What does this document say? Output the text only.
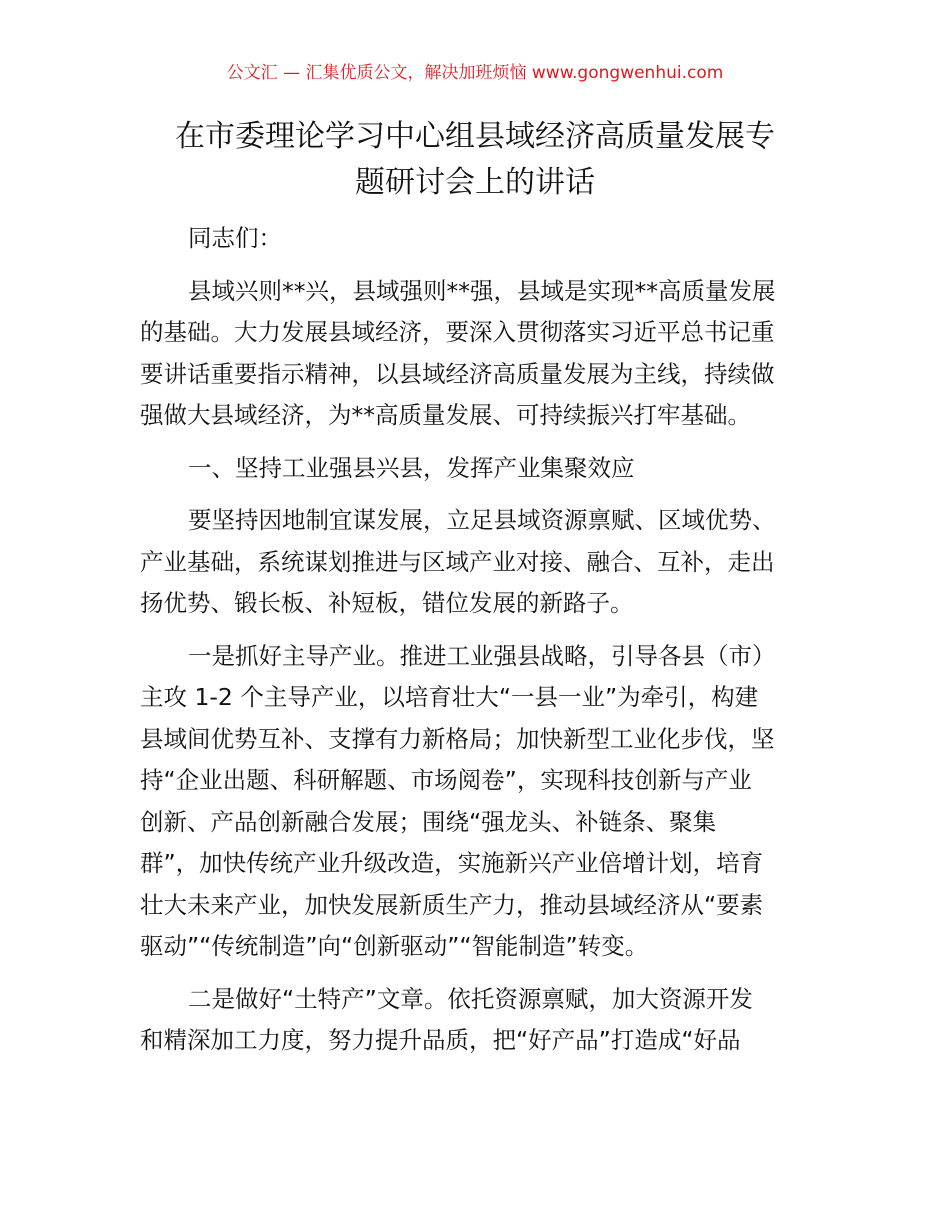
公文汇 — 汇集优质公文，解决加班烦恼 www.gongwenhui.com
在市委理论学习中心组县域经济高质量发展专
题研讨会上的讲话
同志们：
县域兴则**兴，县域强则**强，县域是实现**高质量发展
的基础。大力发展县域经济，要深入贯彻落实习近平总书记重
要讲话重要指示精神，以县域经济高质量发展为主线，持续做
强做大县域经济，为**高质量发展、可持续振兴打牢基础。
一、坚持工业强县兴县，发挥产业集聚效应
要坚持因地制宜谋发展，立足县域资源禀赋、区域优势、
产业基础，系统谋划推进与区域产业对接、融合、互补，走出
扬优势、锻长板、补短板，错位发展的新路子。
一是抓好主导产业。推进工业强县战略，引导各县（市）
主攻 1-2 个主导产业，以培育壮大“一县一业”为牵引，构建
县域间优势互补、支撑有力新格局；加快新型工业化步伐，坚
持“企业出题、科研解题、市场阅卷”，实现科技创新与产业
创新、产品创新融合发展；围绕“强龙头、补链条、聚集
群”，加快传统产业升级改造，实施新兴产业倍增计划，培育
壮大未来产业，加快发展新质生产力，推动县域经济从“要素
驱动”“传统制造”向“创新驱动”“智能制造”转变。
二是做好“土特产”文章。依托资源禀赋，加大资源开发
和精深加工力度，努力提升品质，把“好产品”打造成“好品
